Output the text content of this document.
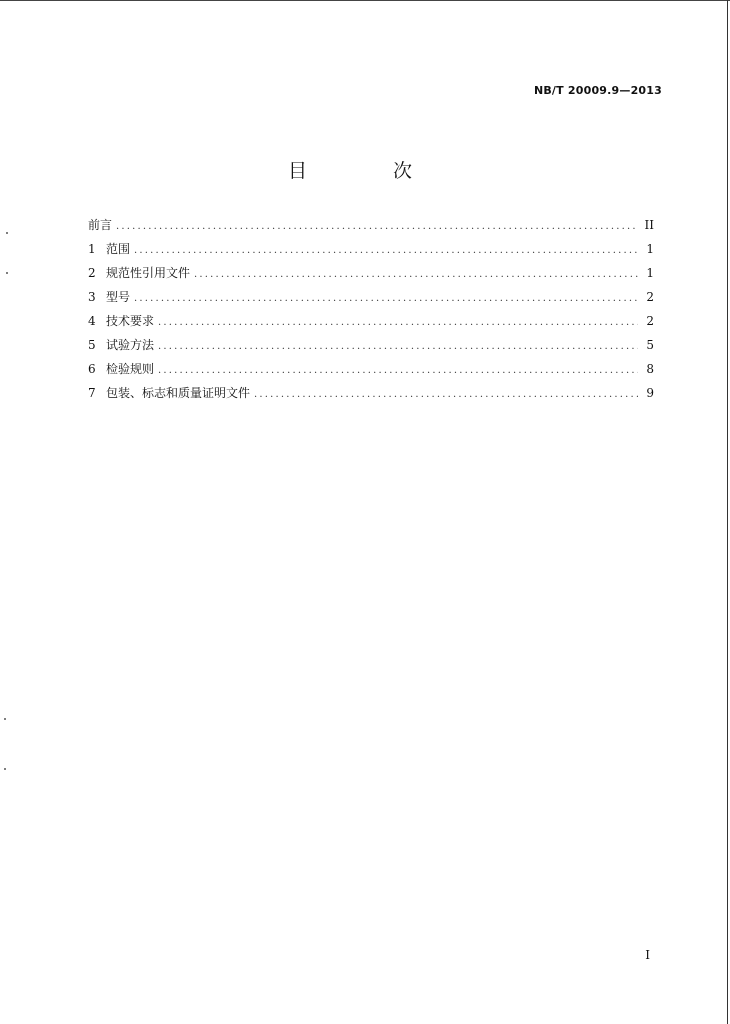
NB/T 20009.9—2013
目 次
前言 .....	II
1 范围 .....	1
2 规范性引用文件 .....	1
3 型号 .....	2
4 技术要求 .....	2
5 试验方法 .....	5
6 检验规则 .....	8
7 包装、标志和质量证明文件 .....	9
I
